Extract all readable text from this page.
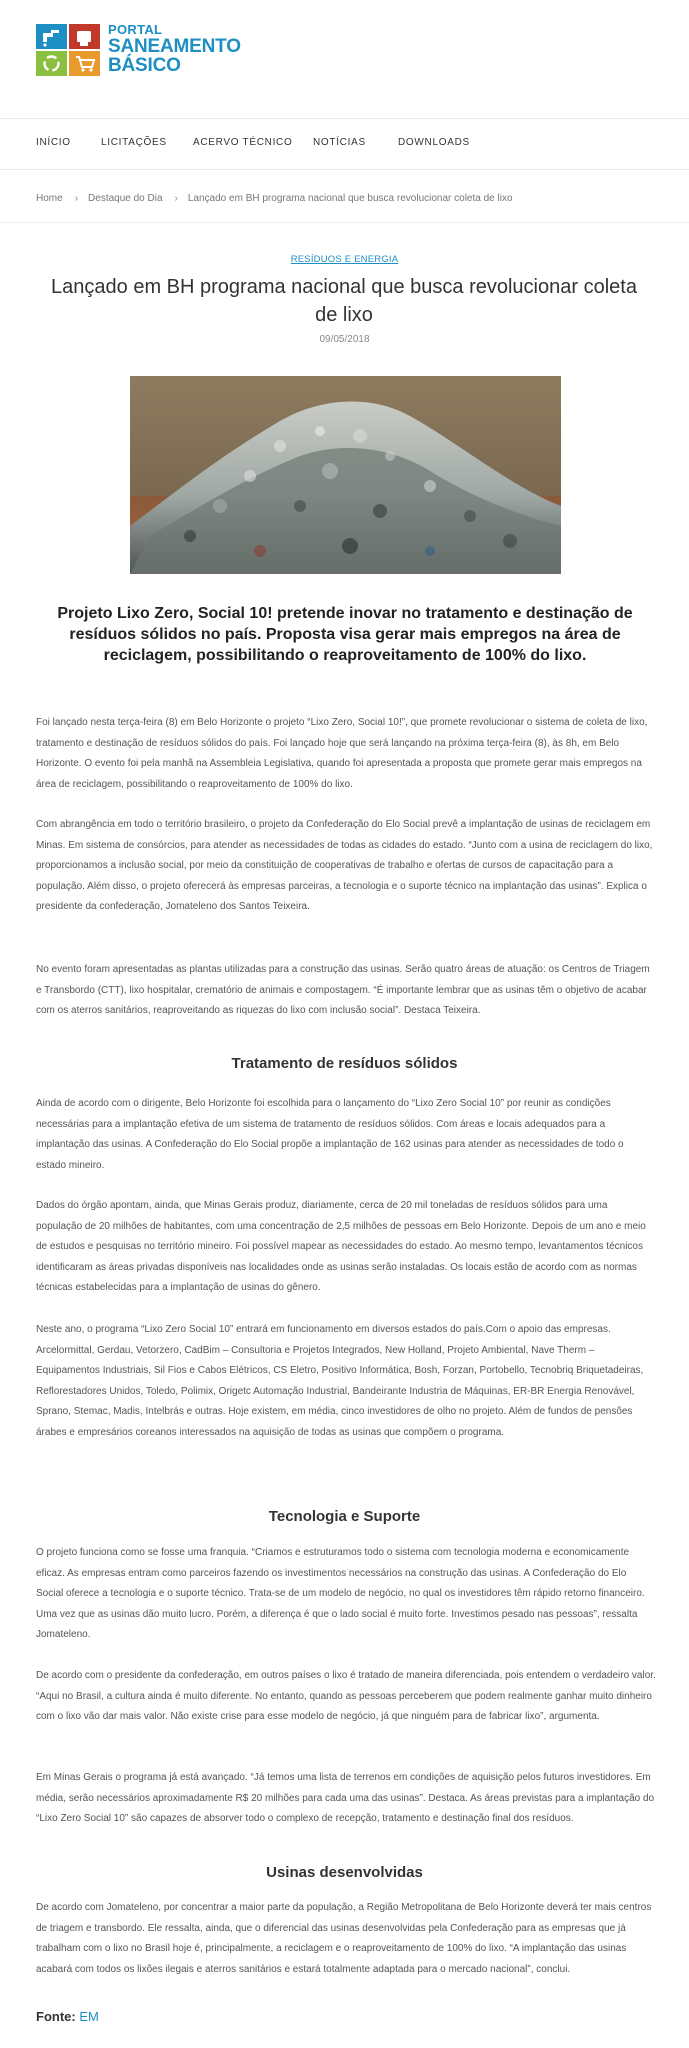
PORTAL
SANEAMENTO
BÁSICO
INÍCIO	LICITAÇÕES	ACERVO TÉCNICO NOTÍCIAS	DOWNLOADS
Home › Destaque do Dia › Lançado em BH programa nacional que busca revolucionar coleta de lixo
RESÍDUOS E ENERGIA
Lançado em BH programa nacional que busca revolucionar coleta de lixo
09/05/2018
Projeto Lixo Zero, Social 10! pretende inovar no tratamento e destinação de resíduos sólidos no país. Proposta visa gerar mais empregos na área de reciclagem, possibilitando o reaproveitamento de 100% do lixo.

Foi lançado nesta terça-feira (8) em Belo Horizonte o projeto “Lixo Zero, Social 10!”, que promete revolucionar o sistema de coleta de lixo, tratamento e destinação de resíduos sólidos do país. Foi lançado hoje que será lançando na próxima terça-feira (8), às 8h, em Belo Horizonte. O evento foi pela manhã na Assembleia Legislativa, quando foi apresentada a proposta que promete gerar mais empregos na área de reciclagem, possibilitando o reaproveitamento de 100% do lixo.

Com abrangência em todo o território brasileiro, o projeto da Confederação do Elo Social prevê a implantação de usinas de reciclagem em Minas. Em sistema de consórcios, para atender as necessidades de todas as cidades do estado. “Junto com a usina de reciclagem do lixo, proporcionamos a inclusão social, por meio da constituição de cooperativas de trabalho e ofertas de cursos de capacitação para a população. Além disso, o projeto oferecerá às empresas parceiras, a tecnologia e o suporte técnico na implantação das usinas”. Explica o presidente da confederação, Jomateleno dos Santos Teixeira.

No evento foram apresentadas as plantas utilizadas para a construção das usinas. Serão quatro áreas de atuação: os Centros de Triagem e Transbordo (CTT), lixo hospitalar, crematório de animais e compostagem. “É importante lembrar que as usinas têm o objetivo de acabar com os aterros sanitários, reaproveitando as riquezas do lixo com inclusão social”. Destaca Teixeira.

Tratamento de resíduos sólidos

Ainda de acordo com o dirigente, Belo Horizonte foi escolhida para o lançamento do “Lixo Zero Social 10” por reunir as condições necessárias para a implantação efetiva de um sistema de tratamento de resíduos sólidos. Com áreas e locais adequados para a implantação das usinas. A Confederação do Elo Social propõe a implantação de 162 usinas para atender as necessidades de todo o estado mineiro.

Dados do órgão apontam, ainda, que Minas Gerais produz, diariamente, cerca de 20 mil toneladas de resíduos sólidos para uma população de 20 milhões de habitantes, com uma concentração de 2,5 milhões de pessoas em Belo Horizonte. Depois de um ano e meio de estudos e pesquisas no território mineiro. Foi possível mapear as necessidades do estado. Ao mesmo tempo, levantamentos técnicos identificaram as áreas privadas disponíveis nas localidades onde as usinas serão instaladas. Os locais estão de acordo com as normas técnicas estabelecidas para a implantação de usinas do gênero.

Neste ano, o programa “Lixo Zero Social 10” entrará em funcionamento em diversos estados do país.Com o apoio das empresas. Arcelormittal, Gerdau, Vetorzero, CadBim – Consultoria e Projetos Integrados, New Holland, Projeto Ambiental, Nave Therm – Equipamentos Industriais, Sil Fios e Cabos Elétricos, CS Eletro, Positivo Informática, Bosh, Forzan, Portobello, Tecnobriq Briquetadeiras, Reflorestadores Unidos, Toledo, Polimix, Origetc Automação Industrial, Bandeirante Industria de Máquinas, ER-BR Energia Renovável, Sprano, Stemac, Madis, Intelbrás e outras. Hoje existem, em média, cinco investidores de olho no projeto. Além de fundos de pensões árabes e empresários coreanos interessados na aquisição de todas as usinas que compõem o programa.

Tecnologia e Suporte

O projeto funciona como se fosse uma franquia. “Criamos e estruturamos todo o sistema com tecnologia moderna e economicamente eficaz. As empresas entram como parceiros fazendo os investimentos necessários na construção das usinas. A Confederação do Elo Social oferece a tecnologia e o suporte técnico. Trata-se de um modelo de negócio, no qual os investidores têm rápido retorno financeiro. Uma vez que as usinas dão muito lucro. Porém, a diferença é que o lado social é muito forte. Investimos pesado nas pessoas”, ressalta Jomateleno.

De acordo com o presidente da confederação, em outros países o lixo é tratado de maneira diferenciada, pois entendem o verdadeiro valor. “Aqui no Brasil, a cultura ainda é muito diferente. No entanto, quando as pessoas perceberem que podem realmente ganhar muito dinheiro com o lixo vão dar mais valor. Não existe crise para esse modelo de negócio, já que ninguém para de fabricar lixo”, argumenta.

Em Minas Gerais o programa já está avançado. “Já temos uma lista de terrenos em condições de aquisição pelos futuros investidores. Em média, serão necessários aproximadamente R$ 20 milhões para cada uma das usinas”. Destaca. As áreas previstas para a implantação do “Lixo Zero Social 10” são capazes de absorver todo o complexo de recepção, tratamento e destinação final dos resíduos.

Usinas desenvolvidas

De acordo com Jomateleno, por concentrar a maior parte da população, a Região Metropolitana de Belo Horizonte deverá ter mais centros de triagem e transbordo. Ele ressalta, ainda, que o diferencial das usinas desenvolvidas pela Confederação para as empresas que já trabalham com o lixo no Brasil hoje é, principalmente, a reciclagem e o reaproveitamento de 100% do lixo. “A implantação das usinas acabará com todos os lixões ilegais e aterros sanitários e estará totalmente adaptada para o mercado nacional”, conclui.

Fonte: EM
